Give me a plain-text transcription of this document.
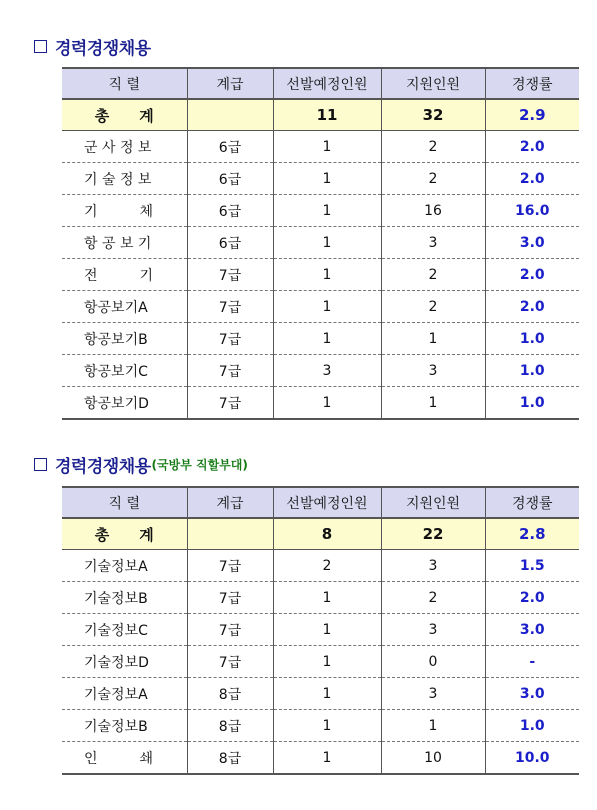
경력경쟁채용
직 렬	계급	선발예정인원	지원인원	경쟁률
총　　계		11	32	2.9
군 사 정 보	6급	1	2	2.0
기 술 정 보	6급	1	2	2.0
기　　　체	6급	1	16	16.0
항 공 보 기	6급	1	3	3.0
전　　　기	7급	1	2	2.0
항공보기A	7급	1	2	2.0
항공보기B	7급	1	1	1.0
항공보기C	7급	3	3	1.0
항공보기D	7급	1	1	1.0
경력경쟁채용 (국방부 직할부대)
직 렬	계급	선발예정인원	지원인원	경쟁률
총　　계		8	22	2.8
기술정보A	7급	2	3	1.5
기술정보B	7급	1	2	2.0
기술정보C	7급	1	3	3.0
기술정보D	7급	1	0	-
기술정보A	8급	1	3	3.0
기술정보B	8급	1	1	1.0
인　　　쇄	8급	1	10	10.0
